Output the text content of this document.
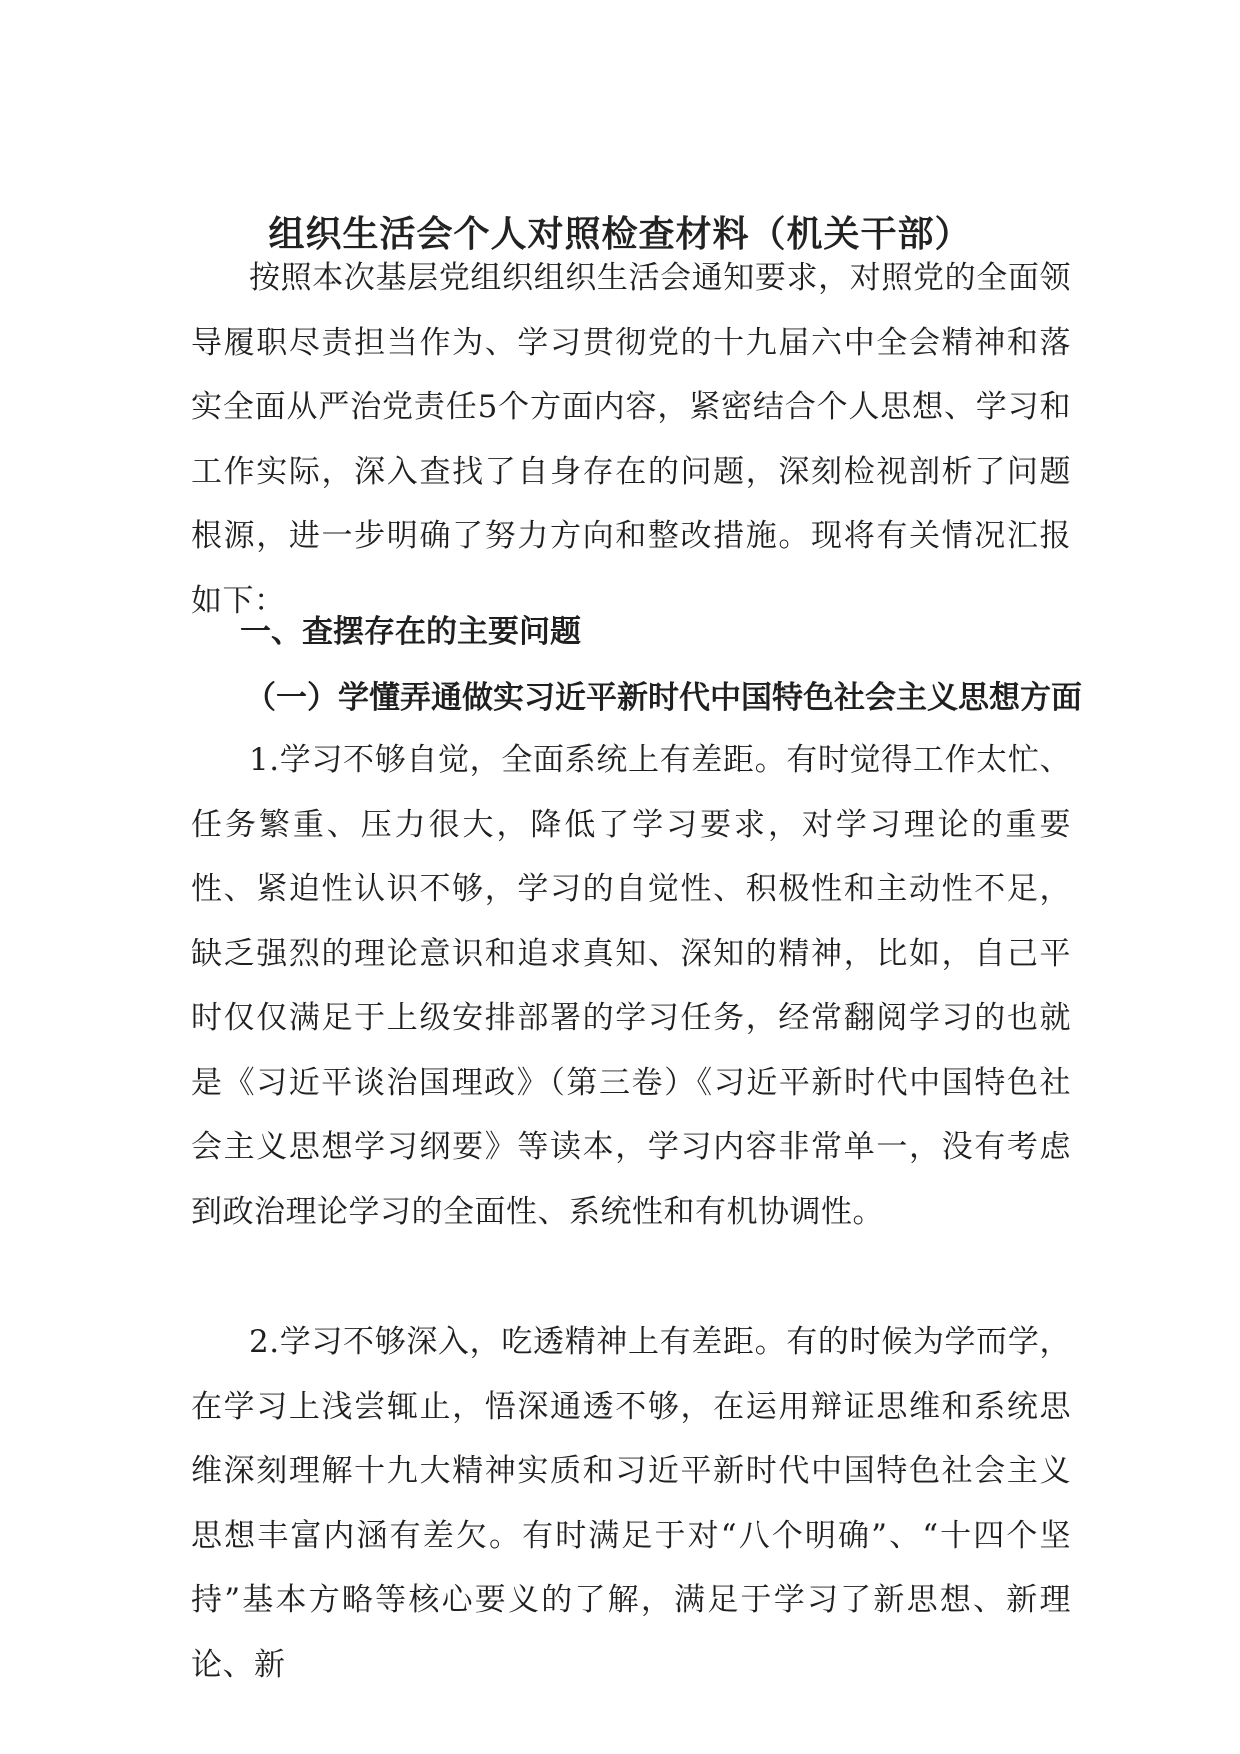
组织生活会个人对照检查材料（机关干部）

按照本次基层党组织组织生活会通知要求，对照党的全面领导履职尽责担当作为、学习贯彻党的十九届六中全会精神和落实全面从严治党责任5个方面内容，紧密结合个人思想、学习和工作实际，深入查找了自身存在的问题，深刻检视剖析了问题根源，进一步明确了努力方向和整改措施。现将有关情况汇报如下：

一、查摆存在的主要问题
（一）学懂弄通做实习近平新时代中国特色社会主义思想方面

1.学习不够自觉，全面系统上有差距。有时觉得工作太忙、任务繁重、压力很大，降低了学习要求，对学习理论的重要性、紧迫性认识不够，学习的自觉性、积极性和主动性不足，缺乏强烈的理论意识和追求真知、深知的精神，比如，自己平时仅仅满足于上级安排部署的学习任务，经常翻阅学习的也就是《习近平谈治国理政》（第三卷）《习近平新时代中国特色社会主义思想学习纲要》等读本，学习内容非常单一，没有考虑到政治理论学习的全面性、系统性和有机协调性。

2.学习不够深入，吃透精神上有差距。有的时候为学而学，在学习上浅尝辄止，悟深通透不够，在运用辩证思维和系统思维深刻理解十九大精神实质和习近平新时代中国特色社会主义思想丰富内涵有差欠。有时满足于对“八个明确”、“十四个坚持”基本方略等核心要义的了解，满足于学习了新思想、新理论、新
